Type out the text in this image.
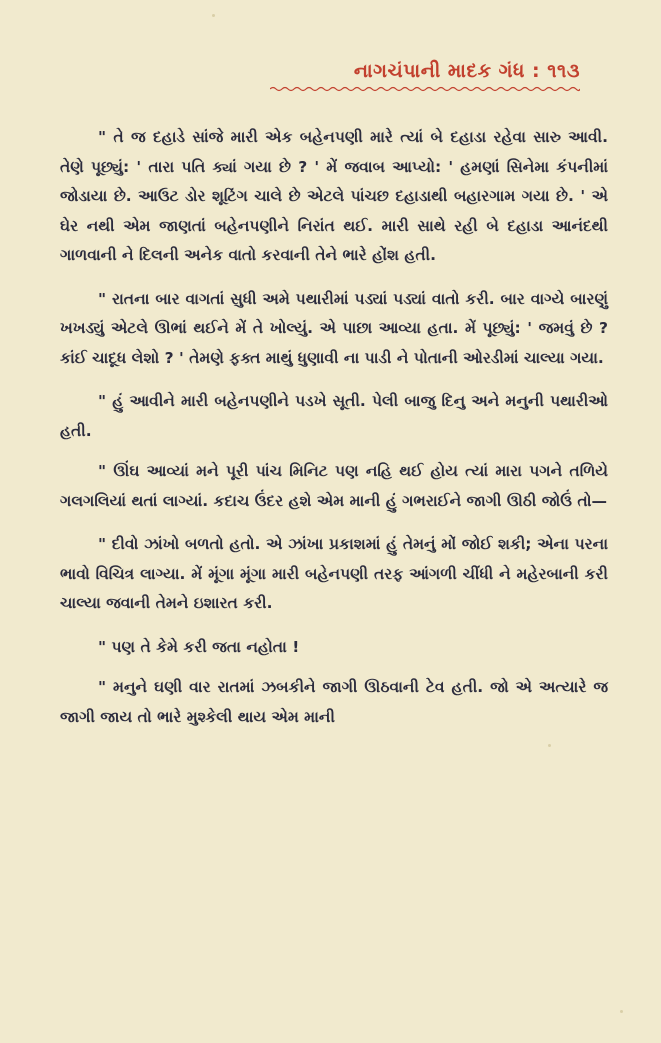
નાગચંપાની માદક ગંધ : ૧૧૩

" તે જ દહાડે સાંજે મારી એક બહેનપણી મારે ત્યાં બે દહાડા રહેવા સારુ આવી. તેણે પૂછ્યું: ' તારા પતિ ક્યાં ગયા છે ? ' મેં જવાબ આપ્યો: ' હમણાં સિનેમા કંપનીમાં જોડાયા છે. આઉટ ડોર શૂટિંગ ચાલે છે એટલે પાંચછ દહાડાથી બહારગામ ગયા છે. ' એ ઘેર નથી એમ જાણતાં બહેનપણીને નિરાંત થઈ. મારી સાથે રહી બે દહાડા આનંદથી ગાળવાની ને દિલની અનેક વાતો કરવાની તેને ભારે હોંશ હતી.

" રાતના બાર વાગતાં સુધી અમે પથારીમાં પડ્યાં પડ્યાં વાતો કરી. બાર વાગ્યે બારણું ખખડ્યું એટલે ઊભાં થઈને મેં તે ખોલ્યું. એ પાછા આવ્યા હતા. મેં પૂછ્યું: ' જમવું છે ? કાંઈ ચાદૂધ લેશો ? ' તેમણે ફક્ત માથું ધુણાવી ના પાડી ને પોતાની ઓરડીમાં ચાલ્યા ગયા.

" હું આવીને મારી બહેનપણીને પડખે સૂતી. પેલી બાજુ દિનુ અને મનુની પથારીઓ હતી.

" ઊંઘ આવ્યાં મને પૂરી પાંચ મિનિટ પણ નહિ થઈ હોય ત્યાં મારા પગને તળિયે ગલગલિયાં થતાં લાગ્યાં. કદાચ ઉંદર હશે એમ માની હું ગભરાઈને જાગી ઊઠી જોઉં તો—

" દીવો ઝાંખો બળતો હતો. એ ઝાંખા પ્રકાશમાં હું તેમનું મોં જોઈ શકી; એના પરના ભાવો વિચિત્ર લાગ્યા. મેં મૂંગા મૂંગા મારી બહેનપણી તરફ આંગળી ચીંધી ને મહેરબાની કરી ચાલ્યા જવાની તેમને ઇશારત કરી.

" પણ તે કેમે કરી જતા નહોતા !

" મનુને ઘણી વાર રાતમાં ઝબકીને જાગી ઊઠવાની ટેવ હતી. જો એ અત્યારે જ જાગી જાય તો ભારે મુશ્કેલી થાય એમ માની
